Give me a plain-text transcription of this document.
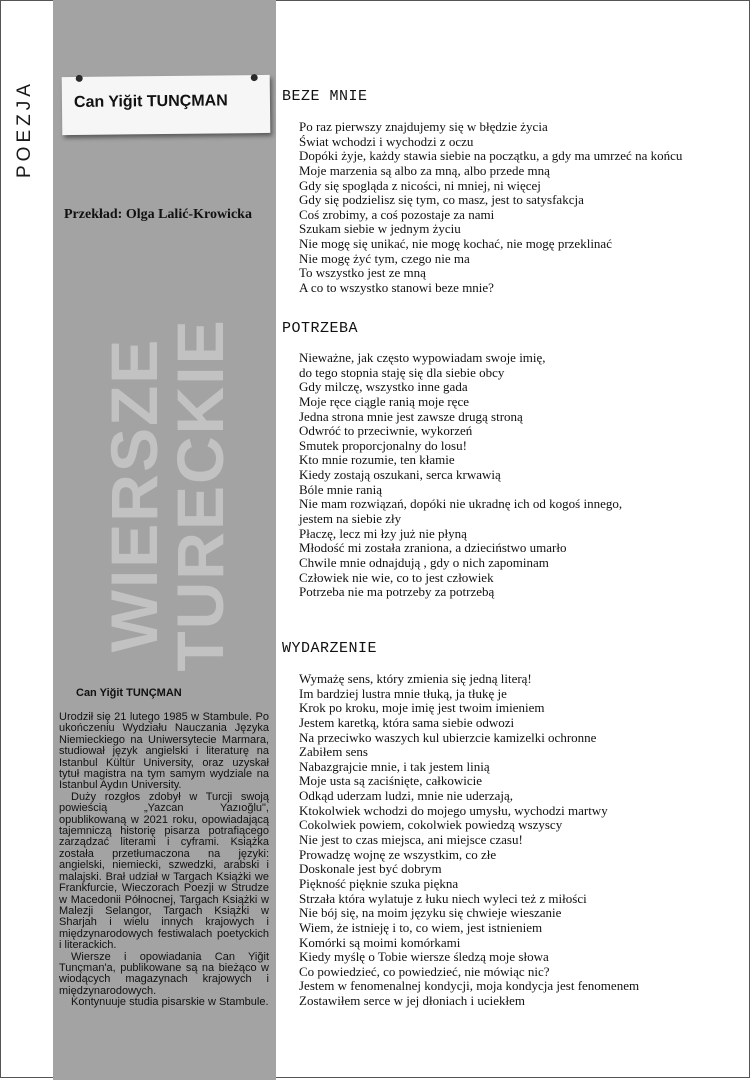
POEZJA Can Yiğit TUNÇMAN
Przekład: Olga Lalić-Krowicka
WIERSZE
TURECKIE
Can Yiğit TUNÇMAN

Urodził się 21 lutego 1985 w Stambule. Po ukończeniu Wydziału Nauczania Języka Niemieckiego na Uniwersytecie Marmara, studiował język angielski i literaturę na Istanbul Kültür University, oraz uzyskał tytuł magistra na tym samym wydziale na Istanbul Aydın University.

Duży rozgłos zdobył w Turcji swoją powieścią „Yazcan Yazıoğlu", opublikowaną w 2021 roku, opowiadającą tajemniczą historię pisarza potrafiącego zarządzać literami i cyframi. Książka została przetłumaczona na języki: angielski, niemiecki, szwedzki, arabski i malajski. Brał udział w Targach Książki we Frankfurcie, Wieczorach Poezji w Strudze w Macedonii Północnej, Targach Książki w Malezji Selangor, Targach Książki w Sharjah i wielu innych krajowych i międzynarodowych festiwalach poetyckich i literackich.

Wiersze i opowiadania Can Yiğit Tunçman'a, publikowane są na bieżąco w wiodących magazynach krajowych i międzynarodowych.

Kontynuuje studia pisarskie w Stambule.

BEZE MNIE
Po raz pierwszy znajdujemy się w błędzie życia
Świat wchodzi i wychodzi z oczu
Dopóki żyje, każdy stawia siebie na początku, a gdy ma umrzeć na końcu
Moje marzenia są albo za mną, albo przede mną
Gdy się spogląda z nicości, ni mniej, ni więcej
Gdy się podzielisz się tym, co masz, jest to satysfakcja
Coś zrobimy, a coś pozostaje za nami
Szukam siebie w jednym życiu
Nie mogę się unikać, nie mogę kochać, nie mogę przeklinać
Nie mogę żyć tym, czego nie ma
To wszystko jest ze mną
A co to wszystko stanowi beze mnie?
POTRZEBA
Nieważne, jak często wypowiadam swoje imię,
do tego stopnia staję się dla siebie obcy
Gdy milczę, wszystko inne gada
Moje ręce ciągle ranią moje ręce
Jedna strona mnie jest zawsze drugą stroną
Odwróć to przeciwnie, wykorzeń
Smutek proporcjonalny do losu!
Kto mnie rozumie, ten kłamie
Kiedy zostają oszukani, serca krwawią
Bóle mnie ranią
Nie mam rozwiązań, dopóki nie ukradnę ich od kogoś innego,
jestem na siebie zły
Płaczę, lecz mi łzy już nie płyną
Młodość mi została zraniona, a dzieciństwo umarło
Chwile mnie odnajdują , gdy o nich zapominam
Człowiek nie wie, co to jest człowiek
Potrzeba nie ma potrzeby za potrzebą
WYDARZENIE
Wymażę sens, który zmienia się jedną literą!
Im bardziej lustra mnie tłuką, ja tłukę je
Krok po kroku, moje imię jest twoim imieniem
Jestem karetką, która sama siebie odwozi
Na przeciwko waszych kul ubierzcie kamizelki ochronne
Zabiłem sens
Nabazgrajcie mnie, i tak jestem linią
Moje usta są zaciśnięte, całkowicie
Odkąd uderzam ludzi, mnie nie uderzają,
Ktokolwiek wchodzi do mojego umysłu, wychodzi martwy
Cokolwiek powiem, cokolwiek powiedzą wszyscy
Nie jest to czas miejsca, ani miejsce czasu!
Prowadzę wojnę ze wszystkim, co złe
Doskonale jest być dobrym
Piękność pięknie szuka piękna
Strzała która wylatuje z łuku niech wyleci też z miłości
Nie bój się, na moim języku się chwieje wieszanie
Wiem, że istnieję i to, co wiem, jest istnieniem
Komórki są moimi komórkami
Kiedy myślę o Tobie wiersze śledzą moje słowa
Co powiedzieć, co powiedzieć, nie mówiąc nic?
Jestem w fenomenalnej kondycji, moja kondycja jest fenomenem
Zostawiłem serce w jej dłoniach i uciekłem
